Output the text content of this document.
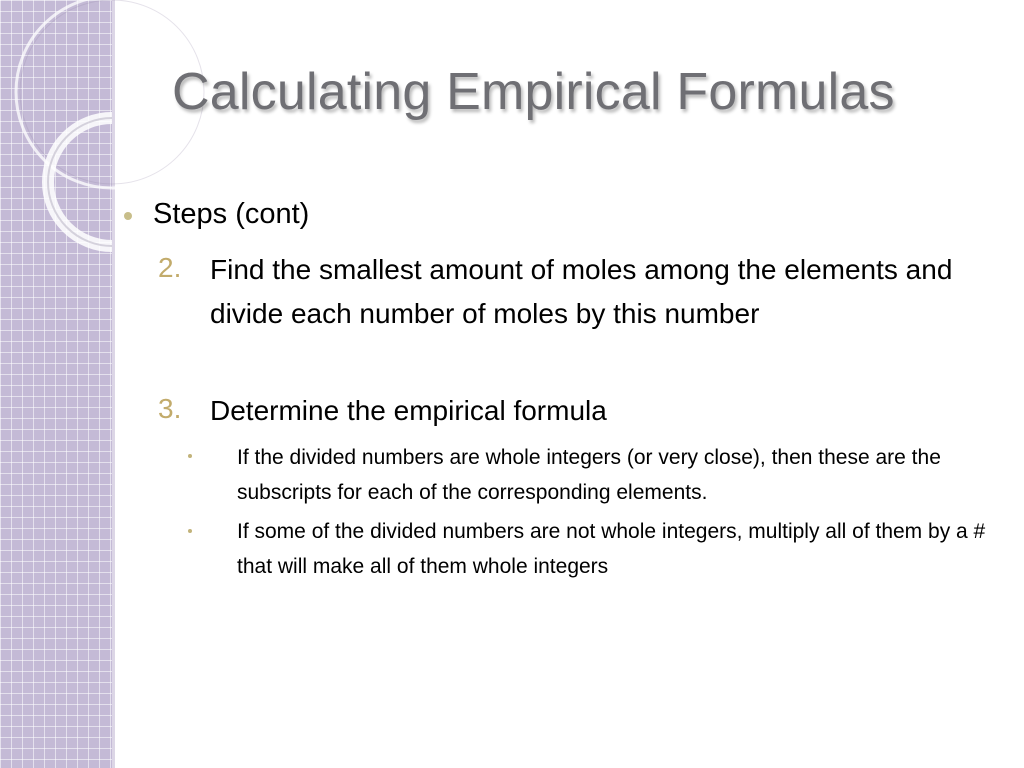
Calculating Empirical Formulas
Steps (cont)
2. Find the smallest amount of moles among the elements and divide each number of moles by this number
3. Determine the empirical formula
If the divided numbers are whole integers (or very close), then these are the subscripts for each of the corresponding elements.
If some of the divided numbers are not whole integers, multiply all of them by a # that will make all of them whole integers
